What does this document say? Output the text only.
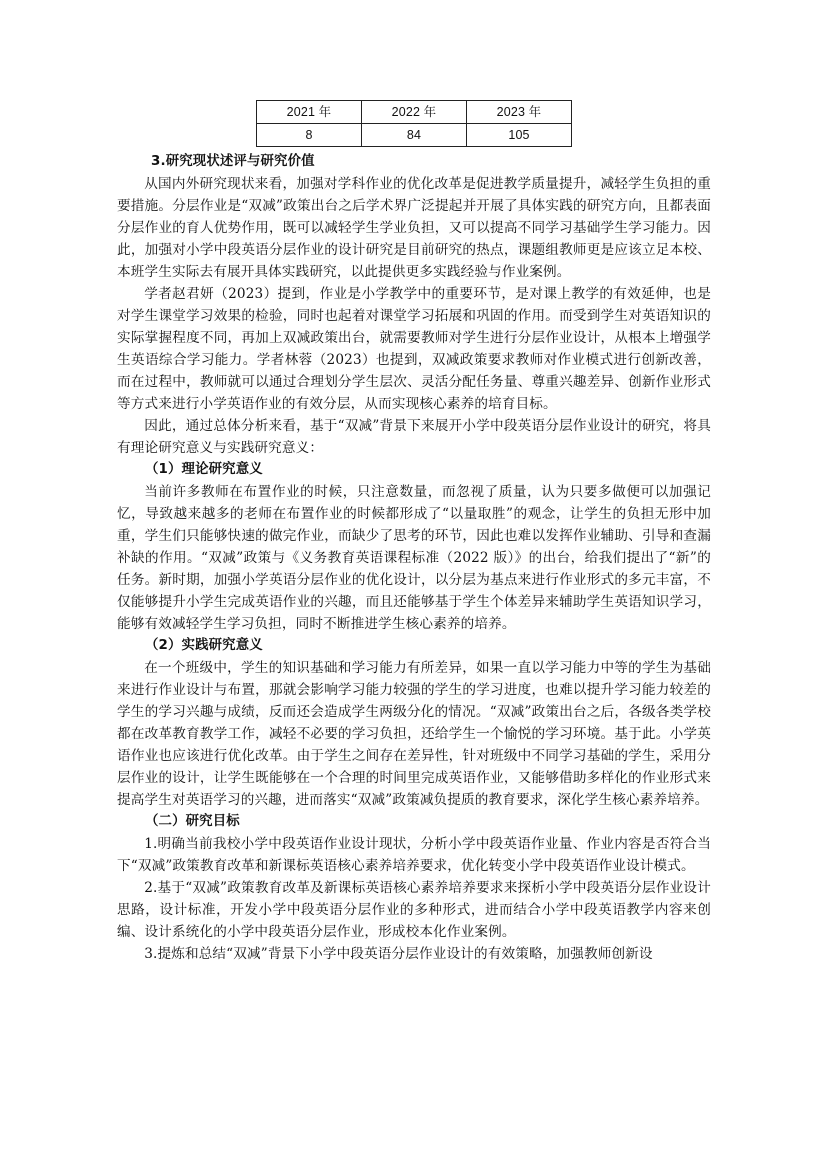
2021 年	2022 年	2023 年
8	84	105

3.研究现状述评与研究价值

从国内外研究现状来看，加强对学科作业的优化改革是促进教学质量提升，减轻学生负担的重要措施。分层作业是“双减”政策出台之后学术界广泛提起并开展了具体实践的研究方向，且都表面分层作业的育人优势作用，既可以减轻学生学业负担，又可以提高不同学习基础学生学习能力。因此，加强对小学中段英语分层作业的设计研究是目前研究的热点，课题组教师更是应该立足本校、本班学生实际去有展开具体实践研究，以此提供更多实践经验与作业案例。

学者赵君妍（2023）提到，作业是小学教学中的重要环节，是对课上教学的有效延伸，也是对学生课堂学习效果的检验，同时也起着对课堂学习拓展和巩固的作用。而受到学生对英语知识的实际掌握程度不同，再加上双减政策出台，就需要教师对学生进行分层作业设计，从根本上增强学生英语综合学习能力。学者林蓉（2023）也提到，双减政策要求教师对作业模式进行创新改善，而在过程中，教师就可以通过合理划分学生层次、灵活分配任务量、尊重兴趣差异、创新作业形式等方式来进行小学英语作业的有效分层，从而实现核心素养的培育目标。

因此，通过总体分析来看，基于“双减”背景下来展开小学中段英语分层作业设计的研究，将具有理论研究意义与实践研究意义：

（1）理论研究意义

当前许多教师在布置作业的时候，只注意数量，而忽视了质量，认为只要多做便可以加强记忆，导致越来越多的老师在布置作业的时候都形成了“以量取胜”的观念，让学生的负担无形中加重，学生们只能够快速的做完作业，而缺少了思考的环节，因此也难以发挥作业辅助、引导和查漏补缺的作用。“双减”政策与《义务教育英语课程标准（2022 版）》的出台，给我们提出了“新”的任务。新时期，加强小学英语分层作业的优化设计，以分层为基点来进行作业形式的多元丰富，不仅能够提升小学生完成英语作业的兴趣，而且还能够基于学生个体差异来辅助学生英语知识学习，能够有效减轻学生学习负担，同时不断推进学生核心素养的培养。

（2）实践研究意义

在一个班级中，学生的知识基础和学习能力有所差异，如果一直以学习能力中等的学生为基础来进行作业设计与布置，那就会影响学习能力较强的学生的学习进度，也难以提升学习能力较差的学生的学习兴趣与成绩，反而还会造成学生两级分化的情况。“双减”政策出台之后，各级各类学校都在改革教育教学工作，减轻不必要的学习负担，还给学生一个愉悦的学习环境。基于此。小学英语作业也应该进行优化改革。由于学生之间存在差异性，针对班级中不同学习基础的学生，采用分层作业的设计，让学生既能够在一个合理的时间里完成英语作业，又能够借助多样化的作业形式来提高学生对英语学习的兴趣，进而落实“双减”政策减负提质的教育要求，深化学生核心素养培养。

（二）研究目标

1.明确当前我校小学中段英语作业设计现状，分析小学中段英语作业量、作业内容是否符合当下“双减”政策教育改革和新课标英语核心素养培养要求，优化转变小学中段英语作业设计模式。

2.基于“双减”政策教育改革及新课标英语核心素养培养要求来探析小学中段英语分层作业设计思路，设计标准，开发小学中段英语分层作业的多种形式，进而结合小学中段英语教学内容来创编、设计系统化的小学中段英语分层作业，形成校本化作业案例。

3.提炼和总结“双减”背景下小学中段英语分层作业设计的有效策略，加强教师创新设
